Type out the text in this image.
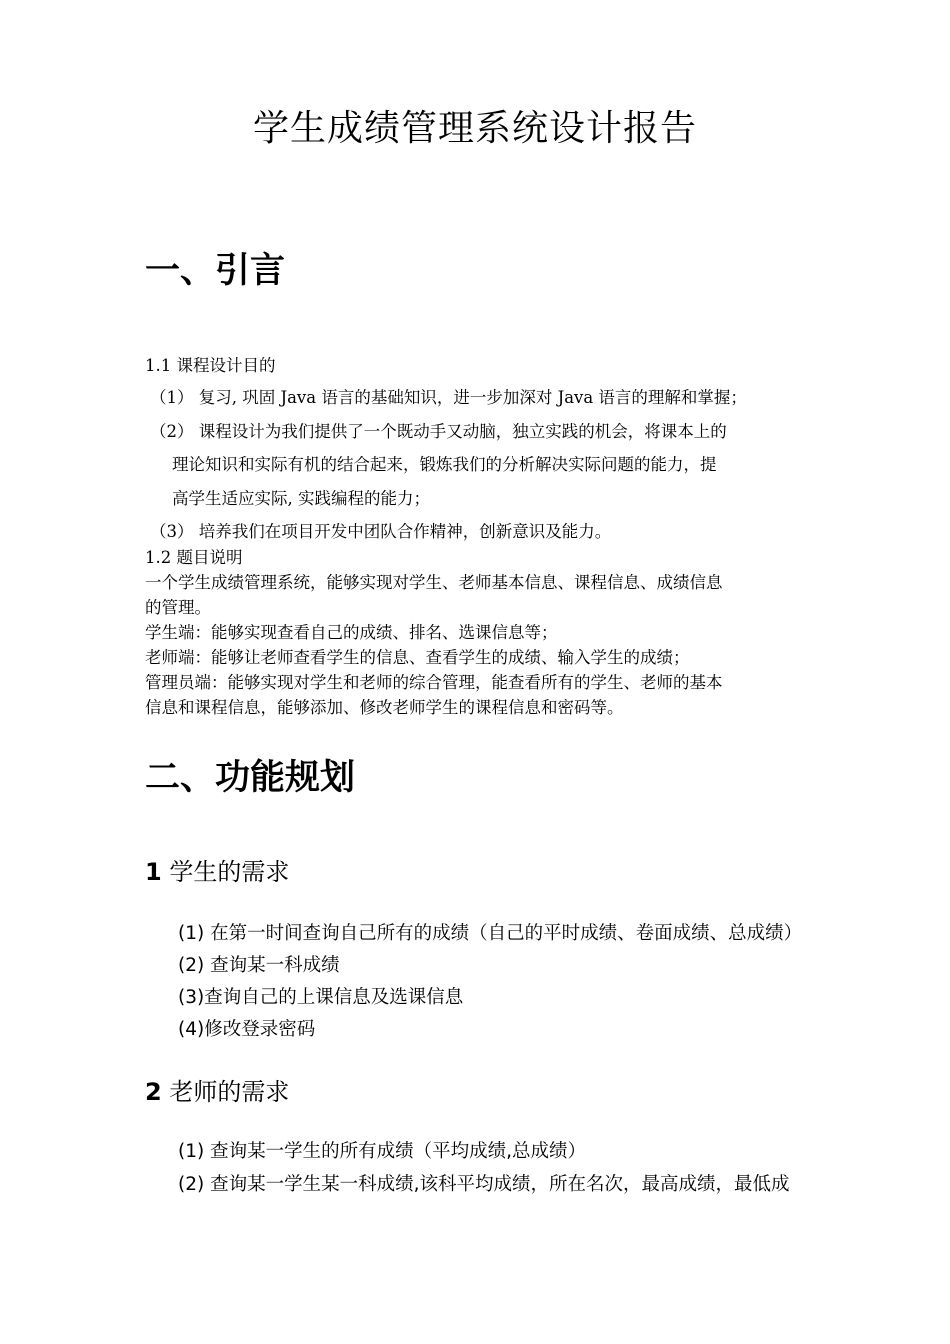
学生成绩管理系统设计报告
一、引言

1.1 课程设计目的

（1） 复习, 巩固 Java 语言的基础知识，进一步加深对 Java 语言的理解和掌握；

（2） 课程设计为我们提供了一个既动手又动脑，独立实践的机会，将课本上的

理论知识和实际有机的结合起来，锻炼我们的分析解决实际问题的能力，提

高学生适应实际, 实践编程的能力；

（3） 培养我们在项目开发中团队合作精神，创新意识及能力。

1.2 题目说明

一个学生成绩管理系统，能够实现对学生、老师基本信息、课程信息、成绩信息

的管理。

学生端：能够实现查看自己的成绩、排名、选课信息等；

老师端：能够让老师查看学生的信息、查看学生的成绩、输入学生的成绩；

管理员端：能够实现对学生和老师的综合管理，能查看所有的学生、老师的基本

信息和课程信息，能够添加、修改老师学生的课程信息和密码等。

二、功能规划
1 学生的需求

(1) 在第一时间查询自己所有的成绩（自己的平时成绩、卷面成绩、总成绩）

(2) 查询某一科成绩

(3)查询自己的上课信息及选课信息

(4)修改登录密码

2 老师的需求

(1) 查询某一学生的所有成绩（平均成绩,总成绩）

(2) 查询某一学生某一科成绩,该科平均成绩，所在名次，最高成绩，最低成
